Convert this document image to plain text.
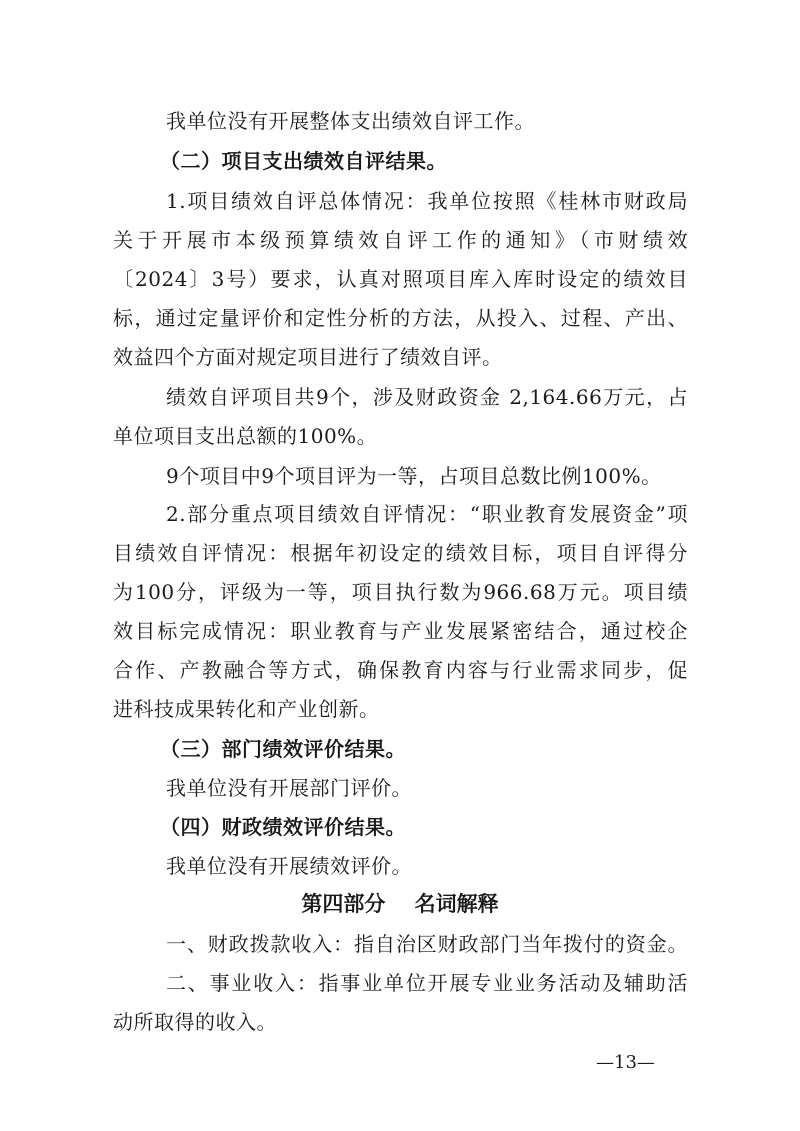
我单位没有开展整体支出绩效自评工作。
（二）项目支出绩效自评结果。
1.项目绩效自评总体情况：我单位按照《桂林市财政局
关于开展市本级预算绩效自评工作的通知》（市财绩效
〔2024〕3号）要求，认真对照项目库入库时设定的绩效目
标，通过定量评价和定性分析的方法，从投入、过程、产出、
效益四个方面对规定项目进行了绩效自评。
绩效自评项目共9个，涉及财政资金 2,164.66万元，占
单位项目支出总额的100%。
9个项目中9个项目评为一等，占项目总数比例100%。
2.部分重点项目绩效自评情况：“职业教育发展资金”项
目绩效自评情况：根据年初设定的绩效目标，项目自评得分
为100分，评级为一等，项目执行数为966.68万元。项目绩
效目标完成情况：职业教育与产业发展紧密结合，通过校企
合作、产教融合等方式，确保教育内容与行业需求同步，促
进科技成果转化和产业创新。
（三）部门绩效评价结果。
我单位没有开展部门评价。
（四）财政绩效评价结果。
我单位没有开展绩效评价。
第四部分    名词解释
一、财政拨款收入：指自治区财政部门当年拨付的资金。
二、事业收入：指事业单位开展专业业务活动及辅助活
动所取得的收入。
—13—
